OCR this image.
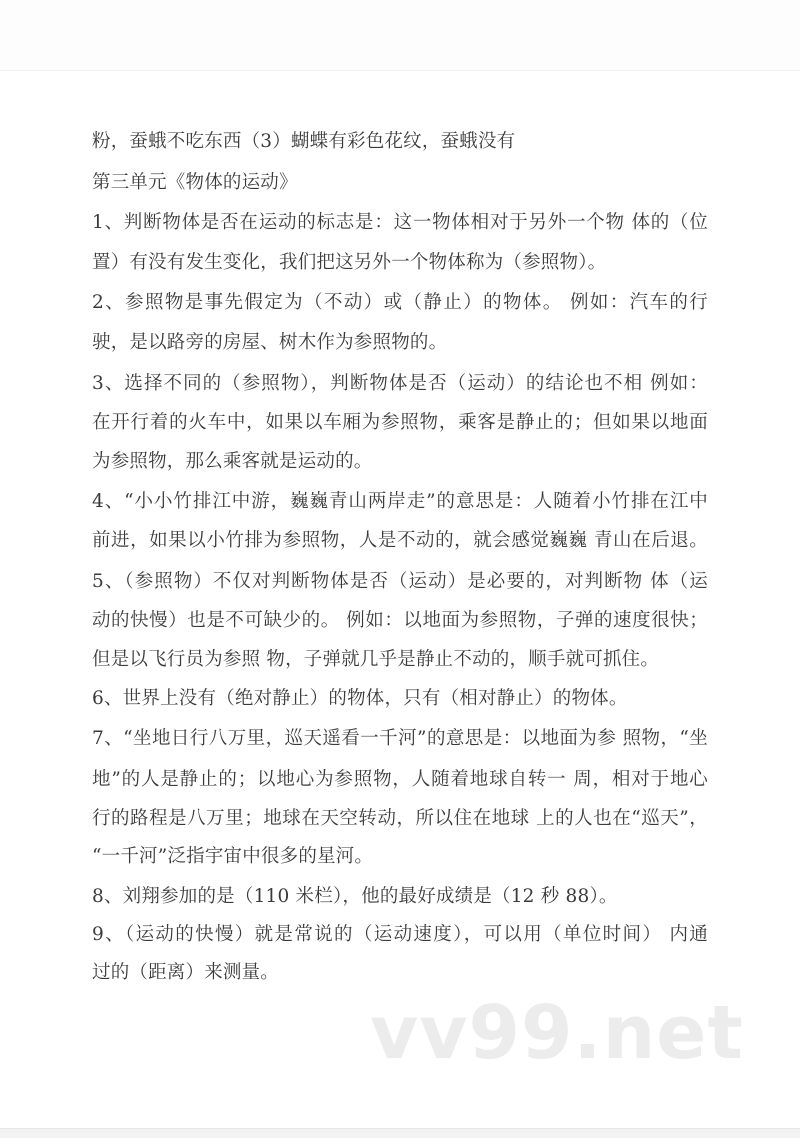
粉，蚕蛾不吃东西（3）蝴蝶有彩色花纹，蚕蛾没有
第三单元《物体的运动》
1、判断物体是否在运动的标志是：这一物体相对于另外一个物 体的（位
置）有没有发生变化，我们把这另外一个物体称为（参照物）。
2、参照物是事先假定为（不动）或（静止）的物体。 例如：汽车的行
驶，是以路旁的房屋、树木作为参照物的。
3、选择不同的（参照物），判断物体是否（运动）的结论也不相 例如：
在开行着的火车中，如果以车厢为参照物，乘客是静止的；但如果以地面
为参照物，那么乘客就是运动的。
4、“小小竹排江中游，巍巍青山两岸走”的意思是：人随着小竹排在江中
前进，如果以小竹排为参照物，人是不动的，就会感觉巍巍 青山在后退。
5、（参照物）不仅对判断物体是否（运动）是必要的，对判断物 体（运
动的快慢）也是不可缺少的。 例如：以地面为参照物，子弹的速度很快；
但是以飞行员为参照 物，子弹就几乎是静止不动的，顺手就可抓住。
6、世界上没有（绝对静止）的物体，只有（相对静止）的物体。
7、“坐地日行八万里，巡天遥看一千河”的意思是：以地面为参 照物，“坐
地”的人是静止的；以地心为参照物，人随着地球自转一 周，相对于地心
行的路程是八万里；地球在天空转动，所以住在地球 上的人也在“巡天”，
“一千河”泛指宇宙中很多的星河。
8、刘翔参加的是（110 米栏），他的最好成绩是（12 秒 88）。
9、（运动的快慢）就是常说的（运动速度），可以用（单位时间） 内通
过的（距离）来测量。
vv99.net
